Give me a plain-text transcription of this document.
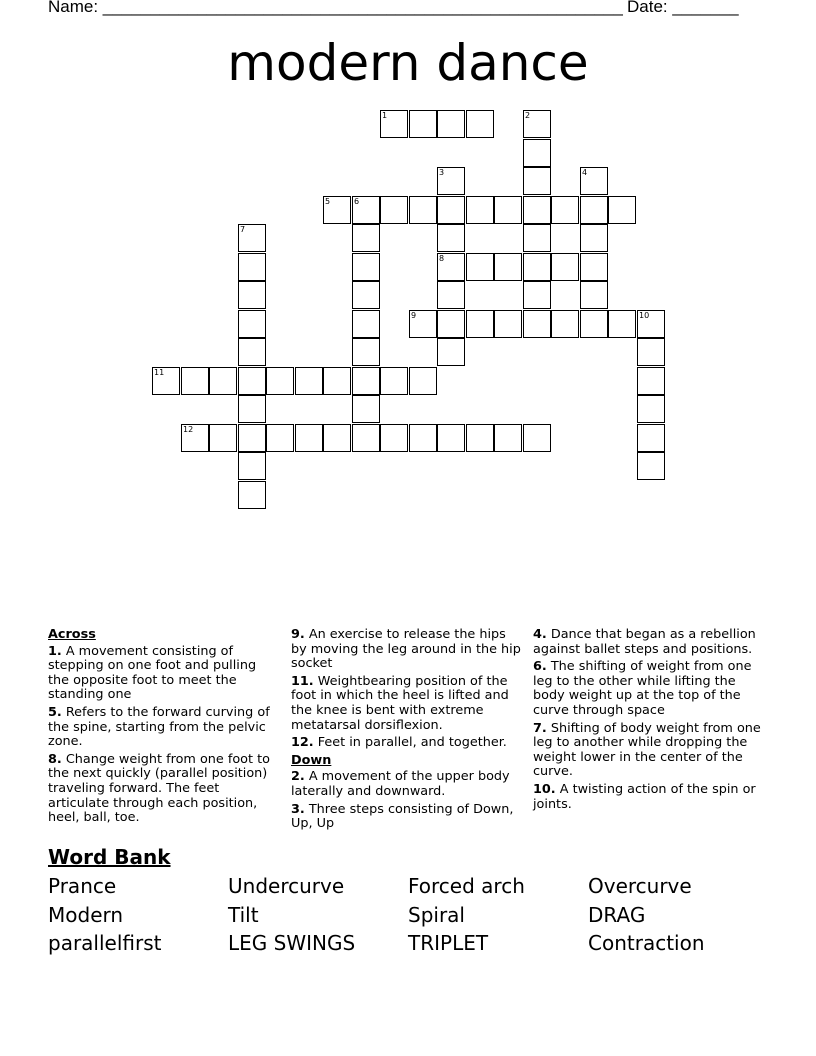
Name: _______________________________________________________ Date: _______
modern dance
1	2
3
8
4
5	6
7
9	10
11
12
Across
1. A movement consisting of stepping on one foot and pulling the opposite foot to meet the standing one
5. Refers to the forward curving of the spine, starting from the pelvic zone.
8. Change weight from one foot to the next quickly (parallel position) traveling forward. The feet articulate through each position, heel, ball, toe.
9. An exercise to release the hips by moving the leg around in the hip socket
11. Weightbearing position of the foot in which the heel is lifted and the knee is bent with extreme metatarsal dorsiflexion.
12. Feet in parallel, and together.
Down
2. A movement of the upper body laterally and downward.
3. Three steps consisting of Down, Up, Up
4. Dance that began as a rebellion against ballet steps and positions.
6. The shifting of weight from one leg to the other while lifting the body weight up at the top of the curve through space
7. Shifting of body weight from one leg to another while dropping the weight lower in the center of the curve.
10. A twisting action of the spin or joints.
Word Bank
Prance	Undercurve	Forced arch	Overcurve
Modern	Tilt	Spiral	DRAG
parallelfirst	LEG SWINGS	TRIPLET	Contraction
